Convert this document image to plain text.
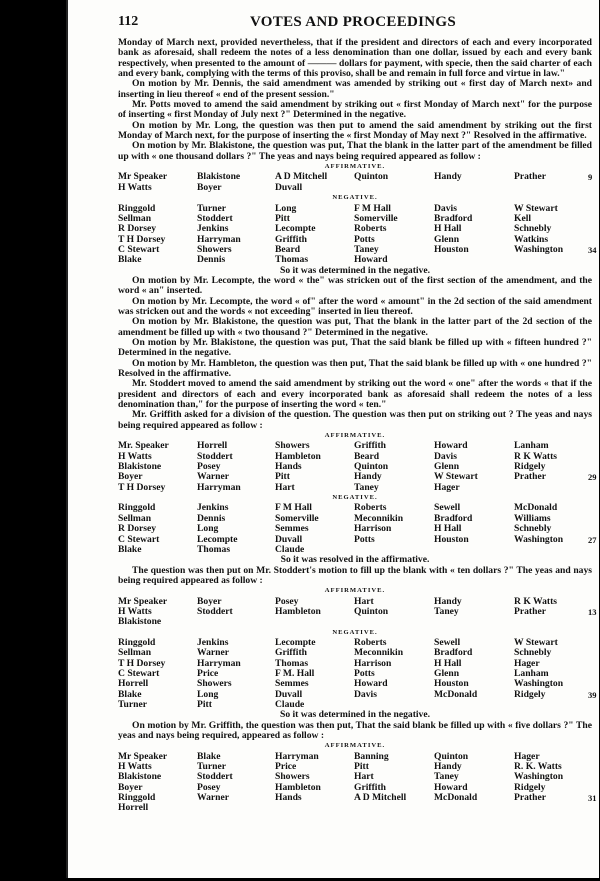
VOTES AND PROCEEDINGS
112

Monday of March next, provided nevertheless, that if the president and directors of each and every incorporated bank as aforesaid, shall redeem the notes of a less denomination than one dollar, issued by each and every bank respectively, when presented to the amount of ——— dollars for payment, with specie, then the said charter of each and every bank, complying with the terms of this proviso, shall be and remain in full force and virtue in law."

On motion by Mr. Dennis, the said amendment was amended by striking out « first day of March next» and inserting in lieu thereof « end of the present session."

Mr. Potts moved to amend the said amendment by striking out « first Monday of March next" for the purpose of inserting « first Monday of July next ?" Determined in the negative.

On motion by Mr. Long, the question was then put to amend the said amendment by striking out the first Monday of March next, for the purpose of inserting the « first Monday of May next ?" Resolved in the affirmative.

On motion by Mr. Blakistone, the question was put, That the blank in the latter part of the amendment be filled up with « one thousand dollars ?" The yeas and nays being required appeared as follow :

AFFIRMATIVE.
Mr Speaker	Blakistone	A D Mitchell	Quinton	Handy	Prather	9
H Watts	Boyer	Duvall
NEGATIVE.
Ringgold	Turner	Long	F M Hall	Davis	W Stewart
Sellman	Stoddert	Pitt	Somerville	Bradford	Kell
R Dorsey	Jenkins	Lecompte	Roberts	H Hall	Schnebly
T H Dorsey	Harryman	Griffith	Potts	Glenn	Watkins
C Stewart	Showers	Beard	Taney	Houston	Washington	34
Blake	Dennis	Thomas	Howard
So it was determined in the negative.

On motion by Mr. Lecompte, the word « the" was stricken out of the first section of the amendment, and the word « an" inserted.

On motion by Mr. Lecompte, the word « of" after the word « amount" in the 2d section of the said amendment was stricken out and the words « not exceeding" inserted in lieu thereof.

On motion by Mr. Blakistone, the question was put, That the blank in the latter part of the 2d section of the amendment be filled up with « two thousand ?" Determined in the negative.

On motion by Mr. Blakistone, the question was put, That the said blank be filled up with « fifteen hundred ?" Determined in the negative.

On motion by Mr. Hambleton, the question was then put, That the said blank be filled up with « one hundred ?" Resolved in the affirmative.

Mr. Stoddert moved to amend the said amendment by striking out the word « one" after the words « that if the president and directors of each and every incorporated bank as aforesaid shall redeem the notes of a less denomination than," for the purpose of inserting the word « ten."

Mr. Griffith asked for a division of the question. The question was then put on striking out ? The yeas and nays being required appeared as follow :

AFFIRMATIVE.
Mr. Speaker	Horrell	Showers	Griffith	Howard	Lanham
H Watts	Stoddert	Hambleton	Beard	Davis	R K Watts
Blakistone	Posey	Hands	Quinton	Glenn	Ridgely
Boyer	Warner	Pitt	Handy	W Stewart	Prather	29
T H Dorsey	Harryman	Hart	Taney	Hager
NEGATIVE.
Ringgold	Jenkins	F M Hall	Roberts	Sewell	McDonald
Sellman	Dennis	Somerville	Meconnikin	Bradford	Williams
R Dorsey	Long	Semmes	Harrison	H Hall	Schnebly
C Stewart	Lecompte	Duvall	Potts	Houston	Washington	27
Blake	Thomas	Claude
So it was resolved in the affirmative.

The question was then put on Mr. Stoddert's motion to fill up the blank with « ten dollars ?" The yeas and nays being required appeared as follow :

AFFIRMATIVE.
Mr Speaker	Boyer	Posey	Hart	Handy	R K Watts
H Watts	Stoddert	Hambleton	Quinton	Taney	Prather	13
Blakistone
NEGATIVE.
Ringgold	Jenkins	Lecompte	Roberts	Sewell	W Stewart
Sellman	Warner	Griffith	Meconnikin	Bradford	Schnebly
T H Dorsey	Harryman	Thomas	Harrison	H Hall	Hager
C Stewart	Price	F M. Hall	Potts	Glenn	Lanham
Horrell	Showers	Semmes	Howard	Houston	Washington
Blake	Long	Duvall	Davis	McDonald	Ridgely	39
Turner	Pitt	Claude
So it was determined in the negative.

On motion by Mr. Griffith, the question was then put, That the said blank be filled up with « five dollars ?" The yeas and nays being required, appeared as follow :

AFFIRMATIVE.
Mr Speaker	Blake	Harryman	Banning	Quinton	Hager
H Watts	Turner	Price	Pitt	Handy	R. K. Watts
Blakistone	Stoddert	Showers	Hart	Taney	Washington
Boyer	Posey	Hambleton	Griffith	Howard	Ridgely
Ringgold	Warner	Hands	A D Mitchell	McDonald	Prather	31
Horrell
